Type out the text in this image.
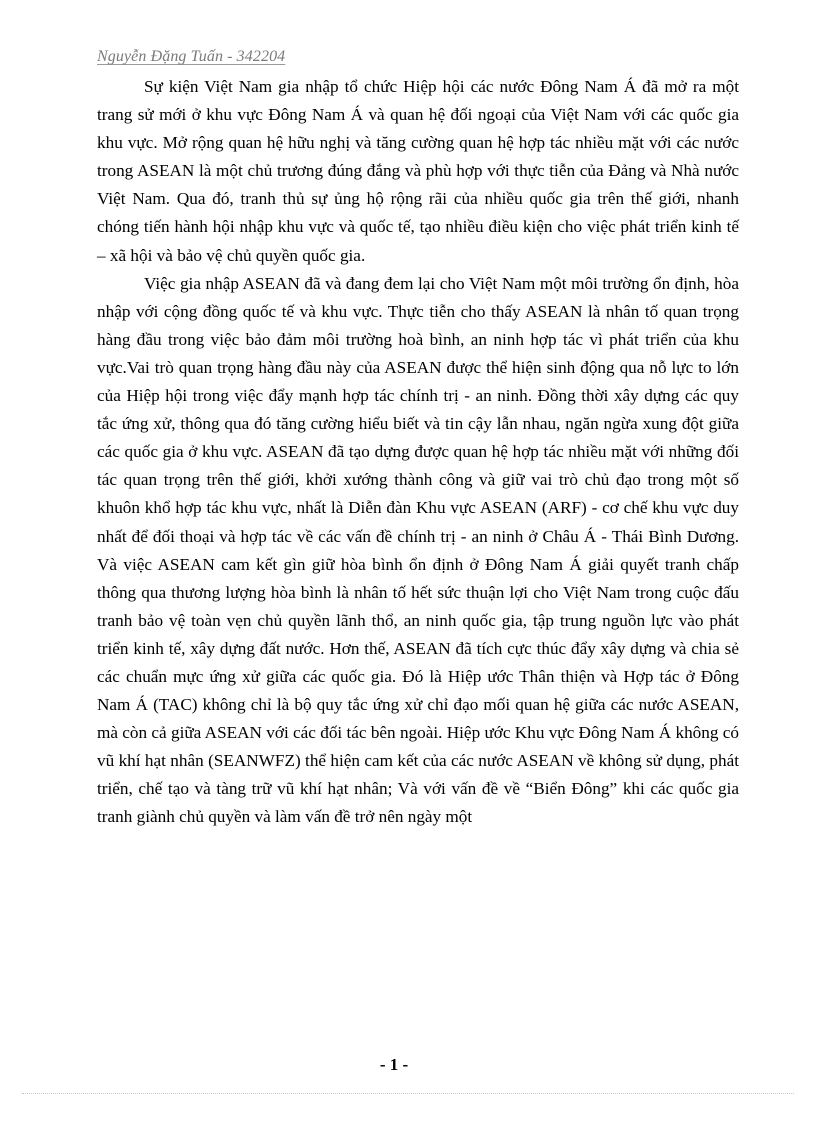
Nguyễn Đặng Tuấn - 342204

Sự kiện Việt Nam gia nhập tổ chức Hiệp hội các nước Đông Nam Á đã mở ra một trang sử mới ở khu vực Đông Nam Á và quan hệ đối ngoại của Việt Nam với các quốc gia khu vực. Mở rộng quan hệ hữu nghị và tăng cường quan hệ hợp tác nhiều mặt với các nước trong ASEAN là một chủ trương đúng đắng và phù hợp với thực tiễn của Đảng và Nhà nước Việt Nam. Qua đó, tranh thủ sự ủng hộ rộng rãi của nhiều quốc gia trên thế giới, nhanh chóng tiến hành hội nhập khu vực và quốc tế, tạo nhiều điều kiện cho việc phát triển kinh tế – xã hội và bảo vệ chủ quyền quốc gia.

Việc gia nhập ASEAN đã và đang đem lại cho Việt Nam một môi trường ổn định, hòa nhập với cộng đồng quốc tế và khu vực. Thực tiễn cho thấy ASEAN là nhân tố quan trọng hàng đầu trong việc bảo đảm môi trường hoà bình, an ninh hợp tác vì phát triển của khu vực.Vai trò quan trọng hàng đầu này của ASEAN được thể hiện sinh động qua nỗ lực to lớn của Hiệp hội trong việc đẩy mạnh hợp tác chính trị - an ninh. Đồng thời xây dựng các quy tắc ứng xử, thông qua đó tăng cường hiểu biết và tin cậy lẫn nhau, ngăn ngừa xung đột giữa các quốc gia ở khu vực. ASEAN đã tạo dựng được quan hệ hợp tác nhiều mặt với những đối tác quan trọng trên thế giới, khởi xướng thành công và giữ vai trò chủ đạo trong một số khuôn khổ hợp tác khu vực, nhất là Diễn đàn Khu vực ASEAN (ARF) - cơ chế khu vực duy nhất để đối thoại và hợp tác về các vấn đề chính trị - an ninh ở Châu Á - Thái Bình Dương. Và việc ASEAN cam kết gìn giữ hòa bình ổn định ở Đông Nam Á giải quyết tranh chấp thông qua thương lượng hòa bình là nhân tố hết sức thuận lợi cho Việt Nam trong cuộc đấu tranh bảo vệ toàn vẹn chủ quyền lãnh thổ, an ninh quốc gia, tập trung nguồn lực vào phát triển kinh tế, xây dựng đất nước. Hơn thế, ASEAN đã tích cực thúc đẩy xây dựng và chia sẻ các chuẩn mực ứng xử giữa các quốc gia. Đó là Hiệp ước Thân thiện và Hợp tác ở Đông Nam Á (TAC) không chỉ là bộ quy tắc ứng xử chỉ đạo mối quan hệ giữa các nước ASEAN, mà còn cả giữa ASEAN với các đối tác bên ngoài. Hiệp ước Khu vực Đông Nam Á không có vũ khí hạt nhân (SEANWFZ) thể hiện cam kết của các nước ASEAN về không sử dụng, phát triển, chế tạo và tàng trữ vũ khí hạt nhân; Và với vấn đề về “Biển Đông” khi các quốc gia tranh giành chủ quyền và làm vấn đề trở nên ngày một

- 1 -
